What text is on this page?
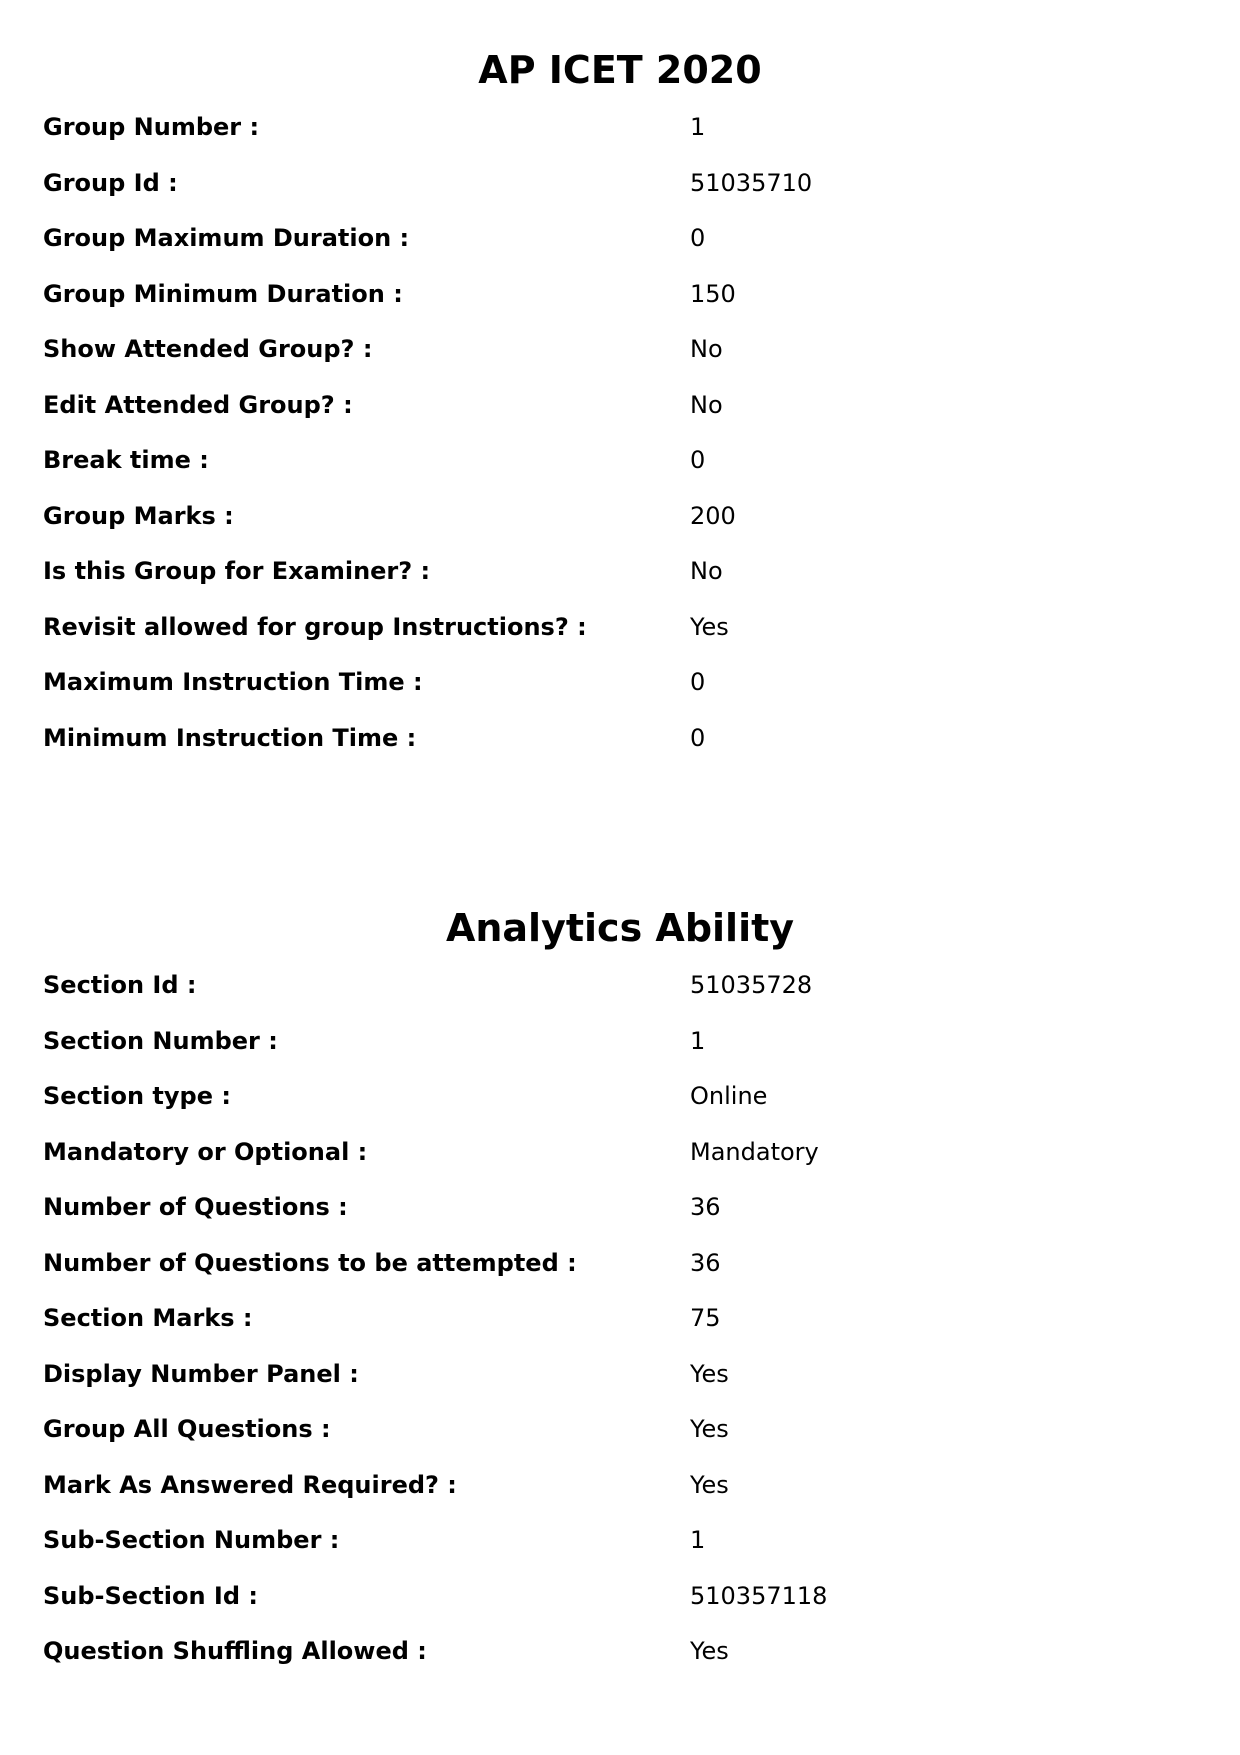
AP ICET 2020
Group Number :	1
Group Id :	51035710
Group Maximum Duration :	0
Group Minimum Duration :	150
Show Attended Group? :	No
Edit Attended Group? :	No
Break time :	0
Group Marks :	200
Is this Group for Examiner? :	No
Revisit allowed for group Instructions? :	Yes
Maximum Instruction Time :	0
Minimum Instruction Time :	0
Analytics Ability
Section Id :	51035728
Section Number :	1
Section type :	Online
Mandatory or Optional :	Mandatory
Number of Questions :	36
Number of Questions to be attempted :	36
Section Marks :	75
Display Number Panel :	Yes
Group All Questions :	Yes
Mark As Answered Required? :	Yes
Sub-Section Number :	1
Sub-Section Id :	510357118
Question Shuffling Allowed :	Yes
